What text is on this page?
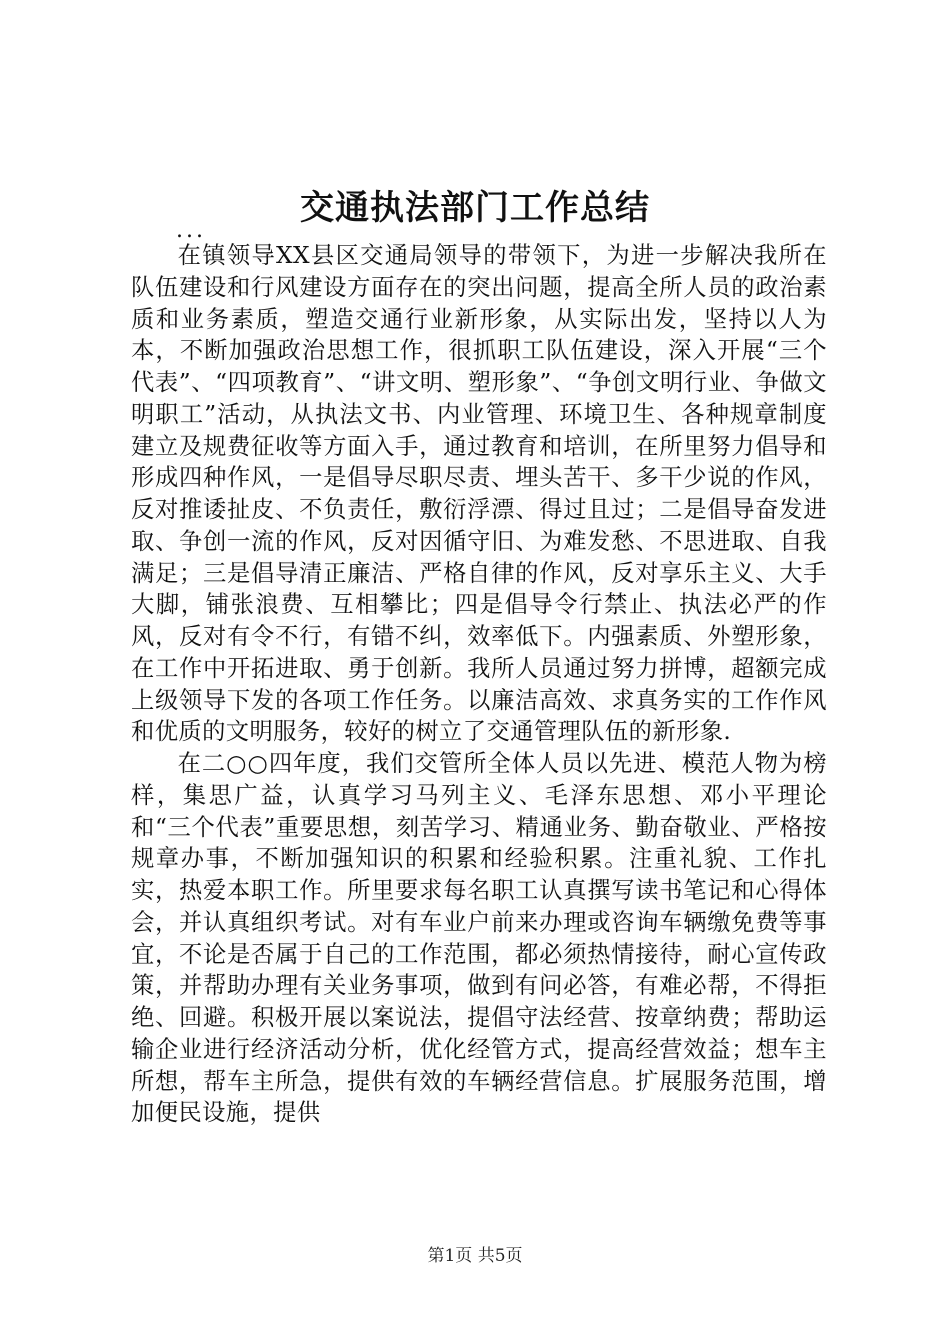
交通执法部门工作总结
...

在镇领导XX县区交通局领导的带领下，为进一步解决我所在队伍建设和行风建设方面存在的突出问题，提高全所人员的政治素质和业务素质，塑造交通行业新形象，从实际出发，坚持以人为本，不断加强政治思想工作，很抓职工队伍建设，深入开展“三个代表”、“四项教育”、“讲文明、塑形象”、“争创文明行业、争做文明职工”活动，从执法文书、内业管理、环境卫生、各种规章制度建立及规费征收等方面入手，通过教育和培训，在所里努力倡导和形成四种作风，一是倡导尽职尽责、埋头苦干、多干少说的作风，反对推诿扯皮、不负责任，敷衍浮漂、得过且过；二是倡导奋发进取、争创一流的作风，反对因循守旧、为难发愁、不思进取、自我满足；三是倡导清正廉洁、严格自律的作风，反对享乐主义、大手大脚，铺张浪费、互相攀比；四是倡导令行禁止、执法必严的作风，反对有令不行，有错不纠，效率低下。内强素质、外塑形象，在工作中开拓进取、勇于创新。我所人员通过努力拼博，超额完成上级领导下发的各项工作任务。以廉洁高效、求真务实的工作作风和优质的文明服务，较好的树立了交通管理队伍的新形象.

在二○○四年度，我们交管所全体人员以先进、模范人物为榜样，集思广益，认真学习马列主义、毛泽东思想、邓小平理论和“三个代表”重要思想，刻苦学习、精通业务、勤奋敬业、严格按规章办事，不断加强知识的积累和经验积累。注重礼貌、工作扎实，热爱本职工作。所里要求每名职工认真撰写读书笔记和心得体会，并认真组织考试。对有车业户前来办理或咨询车辆缴免费等事宜，不论是否属于自己的工作范围，都必须热情接待，耐心宣传政策，并帮助办理有关业务事项，做到有问必答，有难必帮，不得拒绝、回避。积极开展以案说法，提倡守法经营、按章纳费；帮助运输企业进行经济活动分析，优化经管方式，提高经营效益；想车主所想，帮车主所急，提供有效的车辆经营信息。扩展服务范围，增加便民设施，提供

第1页 共5页
